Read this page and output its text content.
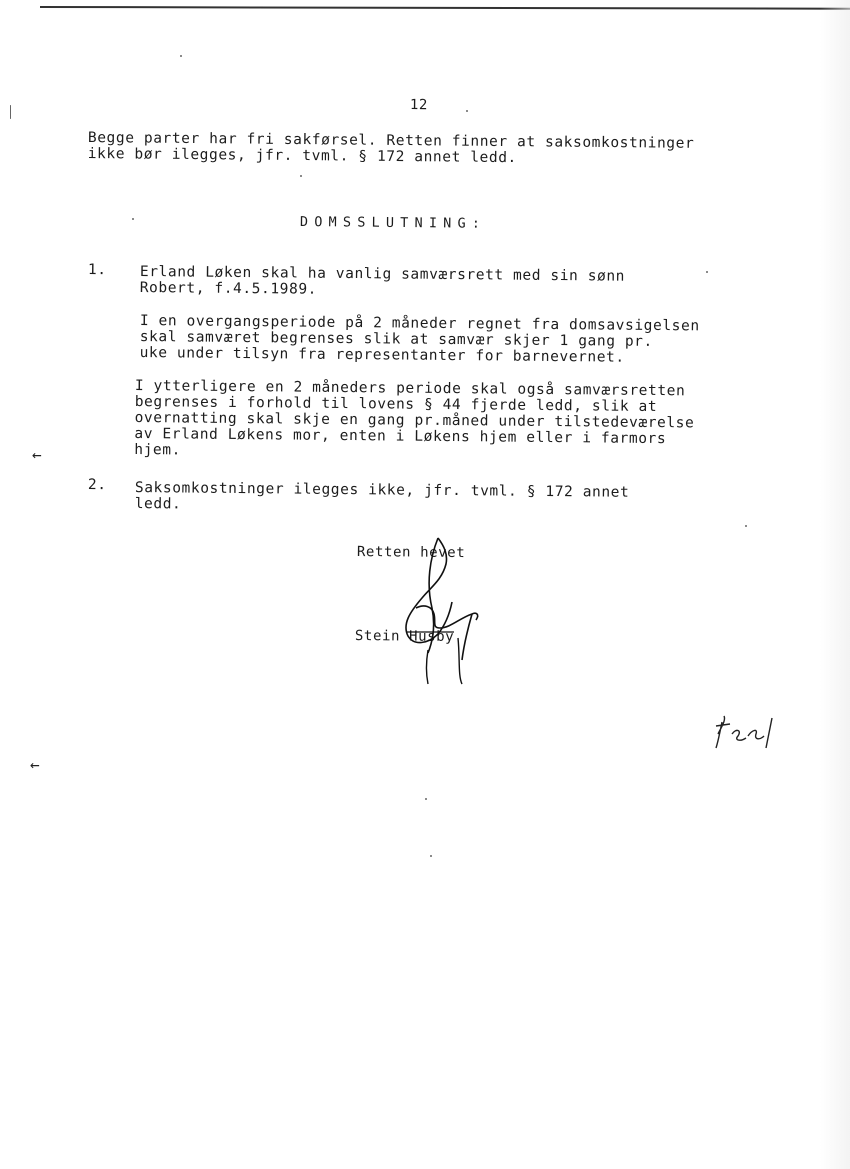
12
Begge parter har fri sakførsel. Retten finner at saksomkostninger
ikke bør ilegges, jfr. tvml. § 172 annet ledd.
DOMSSLUTNING:
1. Erland Løken skal ha vanlig samværsrett med sin sønn
Robert, f.4.5.1989.
I en overgangsperiode på 2 måneder regnet fra domsavsigelsen
skal samværet begrenses slik at samvær skjer 1 gang pr.
uke under tilsyn fra representanter for barnevernet.
I ytterligere en 2 måneders periode skal også samværsretten
begrenses i forhold til lovens § 44 fjerde ledd, slik at
overnatting skal skje en gang pr.måned under tilstedeværelse
av Erland Løkens mor, enten i Løkens hjem eller i farmors
hjem.
2. Saksomkostninger ilegges ikke, jfr. tvml. § 172 annet
ledd.
Retten hevet
Stein Husby
←
←
